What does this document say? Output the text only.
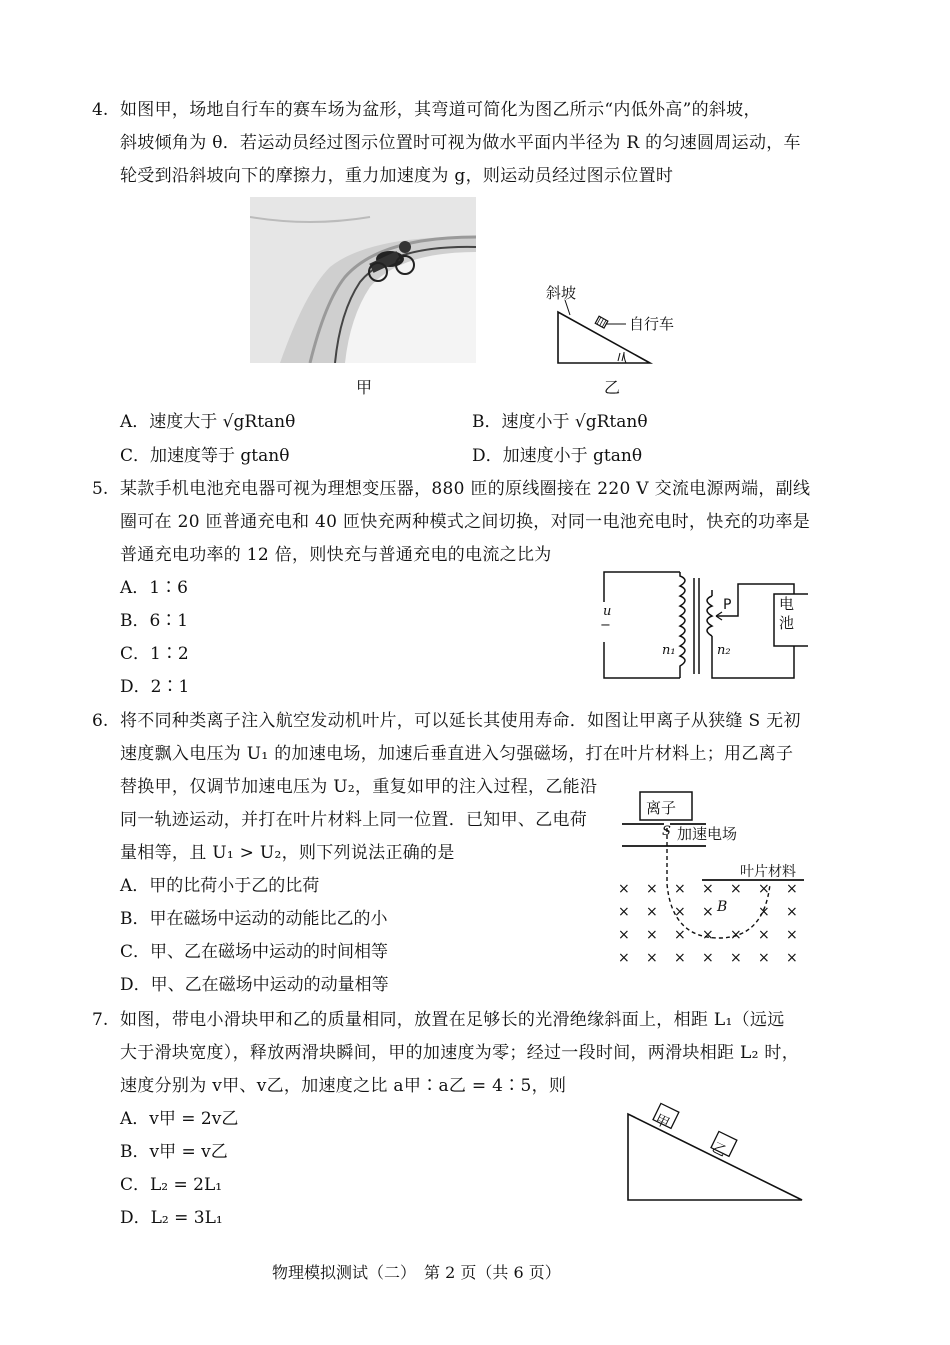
4. 如图甲，场地自行车的赛车场为盆形，其弯道可简化为图乙所示“内低外高”的斜坡，
斜坡倾角为 θ．若运动员经过图示位置时可视为做水平面内半径为 R 的匀速圆周运动，车
轮受到沿斜坡向下的摩擦力，重力加速度为 g，则运动员经过图示位置时
甲
斜坡
自行车
乙
A．速度大于 √gRtanθ	B．速度小于 √gRtanθ
C．加速度等于 gtanθ	D．加速度小于 gtanθ
5. 某款手机电池充电器可视为理想变压器，880 匝的原线圈接在 220 V 交流电源两端，副线
圈可在 20 匝普通充电和 40 匝快充两种模式之间切换，对同一电池充电时，快充的功率是
普通充电功率的 12 倍，则快充与普通充电的电流之比为
A．1∶6
B．6∶1
C．1∶2
D．2∶1
u
−
n₁	n₂
P	电
池
6. 将不同种类离子注入航空发动机叶片，可以延长其使用寿命．如图让甲离子从狭缝 S 无初
速度飘入电压为 U₁ 的加速电场，加速后垂直进入匀强磁场，打在叶片材料上；用乙离子
替换甲，仅调节加速电压为 U₂，重复如甲的注入过程，乙能沿
同一轨迹运动，并打在叶片材料上同一位置．已知甲、乙电荷
量相等，且 U₁ > U₂，则下列说法正确的是
A．甲的比荷小于乙的比荷
B．甲在磁场中运动的动能比乙的小
C．甲、乙在磁场中运动的时间相等
D．甲、乙在磁场中运动的动量相等
× × × × × × ×
× × × ×	× ×
× × × × × × ×
× × × × × × ×
离子
S 加速电场
叶片材料
B
7. 如图，带电小滑块甲和乙的质量相同，放置在足够长的光滑绝缘斜面上，相距 L₁（远远
大于滑块宽度），释放两滑块瞬间，甲的加速度为零；经过一段时间，两滑块相距 L₂ 时，
速度分别为 v甲、v乙，加速度之比 a甲∶a乙 = 4∶5，则
A．v甲 = 2v乙
B．v甲 = v乙
C．L₂ = 2L₁
D．L₂ = 3L₁
甲
乙
物理模拟测试（二）　第 2 页（共 6 页）
